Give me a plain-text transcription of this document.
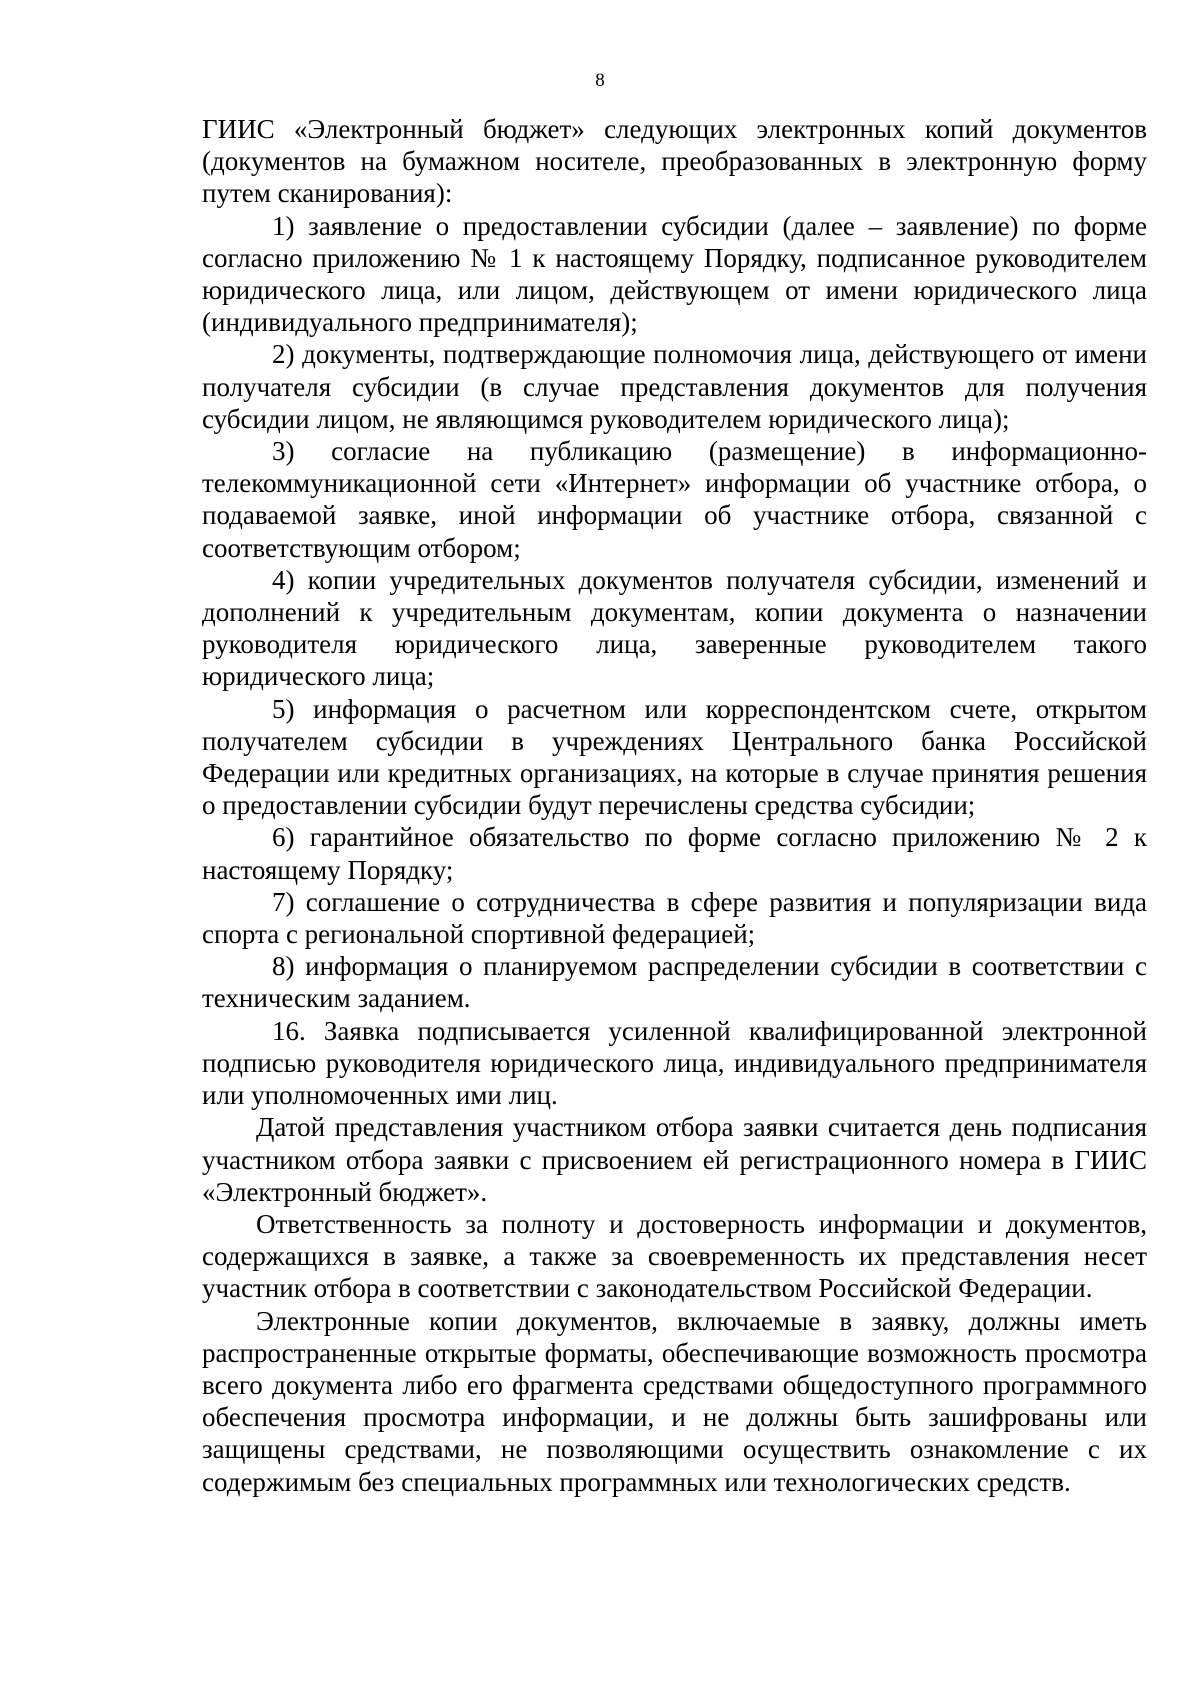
8

ГИИС «Электронный бюджет» следующих электронных копий документов (документов на бумажном носителе, преобразованных в электронную форму путем сканирования):

1) заявление о предоставлении субсидии (далее – заявление) по форме согласно приложению № 1 к настоящему Порядку, подписанное руководителем юридического лица, или лицом, действующем от имени юридического лица (индивидуального предпринимателя);

2) документы, подтверждающие полномочия лица, действующего от имени получателя субсидии (в случае представления документов для получения субсидии лицом, не являющимся руководителем юридического лица);

3) согласие на публикацию (размещение) в информационно-телекоммуникационной сети «Интернет» информации об участнике отбора, о подаваемой заявке, иной информации об участнике отбора, связанной с соответствующим отбором;

4) копии учредительных документов получателя субсидии, изменений и дополнений к учредительным документам, копии документа о назначении руководителя юридического лица, заверенные руководителем такого юридического лица;

5) информация о расчетном или корреспондентском счете, открытом получателем субсидии в учреждениях Центрального банка Российской Федерации или кредитных организациях, на которые в случае принятия решения о предоставлении субсидии будут перечислены средства субсидии;

6) гарантийное обязательство по форме согласно приложению № 2 к настоящему Порядку;

7) соглашение о сотрудничества в сфере развития и популяризации вида спорта с региональной спортивной федерацией;

8) информация о планируемом распределении субсидии в соответствии с техническим заданием.

16. Заявка подписывается усиленной квалифицированной электронной подписью руководителя юридического лица, индивидуального предпринимателя или уполномоченных ими лиц.

Датой представления участником отбора заявки считается день подписания участником отбора заявки с присвоением ей регистрационного номера в ГИИС «Электронный бюджет».

Ответственность за полноту и достоверность информации и документов, содержащихся в заявке, а также за своевременность их представления несет участник отбора в соответствии с законодательством Российской Федерации.

Электронные копии документов, включаемые в заявку, должны иметь распространенные открытые форматы, обеспечивающие возможность просмотра всего документа либо его фрагмента средствами общедоступного программного обеспечения просмотра информации, и не должны быть зашифрованы или защищены средствами, не позволяющими осуществить ознакомление с их содержимым без специальных программных или технологических средств.
